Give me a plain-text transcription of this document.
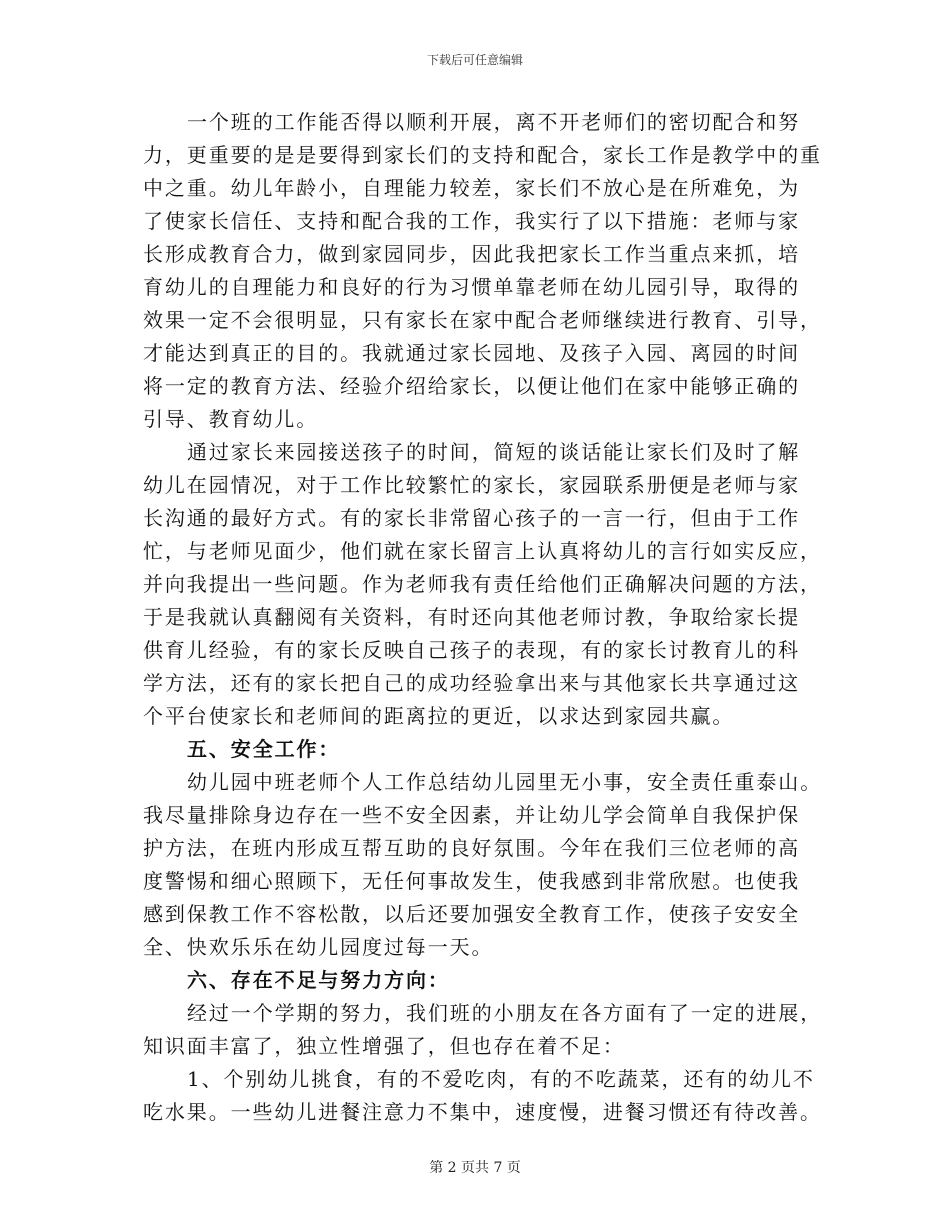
下载后可任意编辑
一个班的工作能否得以顺利开展，离不开老师们的密切配合和努
力，更重要的是是要得到家长们的支持和配合，家长工作是教学中的重
中之重。幼儿年龄小，自理能力较差，家长们不放心是在所难免，为
了使家长信任、支持和配合我的工作，我实行了以下措施：老师与家
长形成教育合力，做到家园同步，因此我把家长工作当重点来抓，培
育幼儿的自理能力和良好的行为习惯单靠老师在幼儿园引导，取得的
效果一定不会很明显，只有家长在家中配合老师继续进行教育、引导，
才能达到真正的目的。我就通过家长园地、及孩子入园、离园的时间
将一定的教育方法、经验介绍给家长，以便让他们在家中能够正确的
引导、教育幼儿。
通过家长来园接送孩子的时间，简短的谈话能让家长们及时了解
幼儿在园情况，对于工作比较繁忙的家长，家园联系册便是老师与家
长沟通的最好方式。有的家长非常留心孩子的一言一行，但由于工作
忙，与老师见面少，他们就在家长留言上认真将幼儿的言行如实反应，
并向我提出一些问题。作为老师我有责任给他们正确解决问题的方法，
于是我就认真翻阅有关资料，有时还向其他老师讨教，争取给家长提
供育儿经验，有的家长反映自己孩子的表现，有的家长讨教育儿的科
学方法，还有的家长把自己的成功经验拿出来与其他家长共享通过这
个平台使家长和老师间的距离拉的更近，以求达到家园共赢。
五、安全工作：
幼儿园中班老师个人工作总结幼儿园里无小事，安全责任重泰山。
我尽量排除身边存在一些不安全因素，并让幼儿学会简单自我保护保
护方法，在班内形成互帮互助的良好氛围。今年在我们三位老师的高
度警惕和细心照顾下，无任何事故发生，使我感到非常欣慰。也使我
感到保教工作不容松散，以后还要加强安全教育工作，使孩子安安全
全、快欢乐乐在幼儿园度过每一天。
六、存在不足与努力方向：
经过一个学期的努力，我们班的小朋友在各方面有了一定的进展，
知识面丰富了，独立性增强了，但也存在着不足：
1、个别幼儿挑食，有的不爱吃肉，有的不吃蔬菜，还有的幼儿不
吃水果。一些幼儿进餐注意力不集中，速度慢，进餐习惯还有待改善。
第 2 页共 7 页
